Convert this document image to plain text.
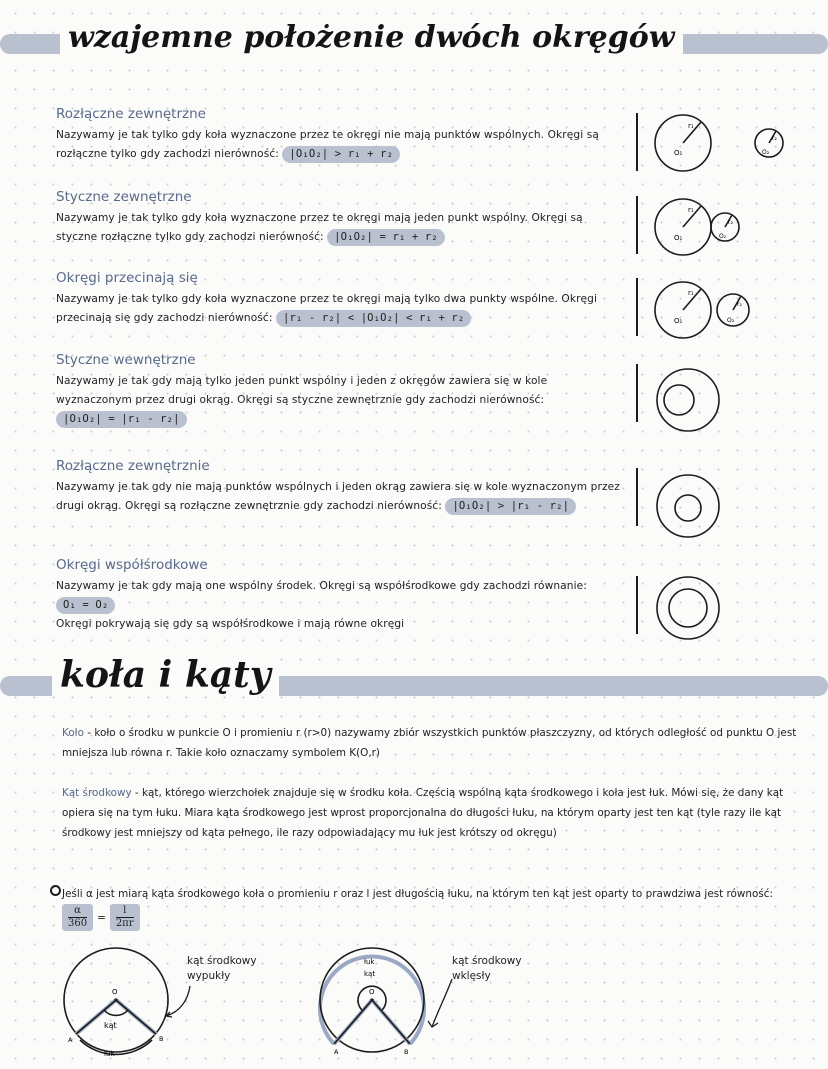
wzajemne położenie dwóch okręgów

Rozłączne zewnętrzne

Nazywamy je tak tylko gdy koła wyznaczone przez te okręgi nie mają punktów wspólnych. Okręgi są rozłączne tylko gdy zachodzi nierówność: |O₁O₂| > r₁ + r₂

Styczne zewnętrzne

Nazywamy je tak tylko gdy koła wyznaczone przez te okręgi mają jeden punkt wspólny. Okręgi są styczne rozłączne tylko gdy zachodzi nierówność: |O₁O₂| = r₁ + r₂

Okręgi przecinają się

Nazywamy je tak tylko gdy koła wyznaczone przez te okręgi mają tylko dwa punkty wspólne. Okręgi przecinają się gdy zachodzi nierówność: |r₁ - r₂| < |O₁O₂| < r₁ + r₂

Styczne wewnętrzne

Nazywamy je tak gdy mają tylko jeden punkt wspólny i jeden z okręgów zawiera się w kole wyznaczonym przez drugi okrąg. Okręgi są styczne zewnętrznie gdy zachodzi nierówność: |O₁O₂| = |r₁ - r₂|

Rozłączne zewnętrznie

Nazywamy je tak gdy nie mają punktów wspólnych i jeden okrąg zawiera się w kole wyznaczonym przez drugi okrąg. Okręgi są rozłączne zewnętrznie gdy zachodzi nierówność: |O₁O₂| > |r₁ - r₂|

Okręgi współśrodkowe

Nazywamy je tak gdy mają one wspólny środek. Okręgi są współśrodkowe gdy zachodzi równanie: O₁ = O₂

Okręgi pokrywają się gdy są współśrodkowe i mają równe okręgi

r₁
O₁
r₂
O₂
r₁
O₁
r₂
O₂
r₁
O₁
r₂
O₂
koła i kąty

Koło - koło o środku w punkcie O i promieniu r (r>0) nazywamy zbiór wszystkich punktów płaszczyzny, od których odległość od punktu O jest mniejsza lub równa r. Takie koło oznaczamy symbolem K(O,r)

Kąt środkowy - kąt, którego wierzchołek znajduje się w środku koła. Częścią wspólną kąta środkowego i koła jest łuk. Mówi się, że dany kąt opiera się na tym łuku. Miara kąta środkowego jest wprost proporcjonalna do długości łuku, na którym oparty jest ten kąt (tyle razy ile kąt środkowy jest mniejszy od kąta pełnego, ile razy odpowiadający mu łuk jest krótszy od okręgu)

Jeśli α jest miarą kąta środkowego koła o promieniu r oraz l jest długością łuku, na którym ten kąt jest oparty to prawdziwa jest równość:
$\frac{\alpha}{360} = \frac{l}{2\pi r}$

O
A	B
kąt
łuk
kąt środkowy
wypukły
łuk
kąt
O
A	B
kąt środkowy
wklęsły
